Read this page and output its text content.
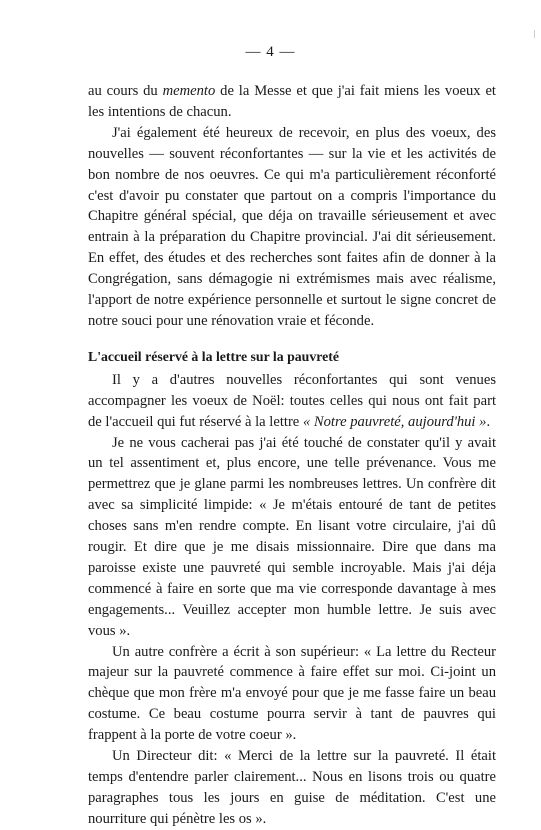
— 4 —

au cours du memento de la Messe et que j'ai fait miens les voeux et les intentions de chacun.

J'ai également été heureux de recevoir, en plus des voeux, des nouvelles — souvent réconfortantes — sur la vie et les activités de bon nombre de nos oeuvres. Ce qui m'a particulièrement réconforté c'est d'avoir pu constater que partout on a compris l'importance du Chapitre général spécial, que déja on travaille sérieusement et avec entrain à la préparation du Chapitre provincial. J'ai dit sérieusement. En effet, des études et des recherches sont faites afin de donner à la Congrégation, sans démagogie ni extrémismes mais avec réalisme, l'apport de notre expérience personnelle et surtout le signe concret de notre souci pour une rénovation vraie et féconde.

L'accueil réservé à la lettre sur la pauvreté

Il y a d'autres nouvelles réconfortantes qui sont venues accompagner les voeux de Noël: toutes celles qui nous ont fait part de l'accueil qui fut réservé à la lettre « Notre pauvreté, aujourd'hui ».

Je ne vous cacherai pas j'ai été touché de constater qu'il y avait un tel assentiment et, plus encore, une telle prévenance. Vous me permettrez que je glane parmi les nombreuses lettres. Un confrère dit avec sa simplicité limpide: « Je m'étais entouré de tant de petites choses sans m'en rendre compte. En lisant votre circulaire, j'ai dû rougir. Et dire que je me disais missionnaire. Dire que dans ma paroisse existe une pauvreté qui semble incroyable. Mais j'ai déja commencé à faire en sorte que ma vie corresponde davantage à mes engagements... Veuillez accepter mon humble lettre. Je suis avec vous ».

Un autre confrère a écrit à son supérieur: « La lettre du Recteur majeur sur la pauvreté commence à faire effet sur moi. Ci-joint un chèque que mon frère m'a envoyé pour que je me fasse faire un beau costume. Ce beau costume pourra servir à tant de pauvres qui frappent à la porte de votre coeur ».

Un Directeur dit: « Merci de la lettre sur la pauvreté. Il était temps d'entendre parler clairement... Nous en lisons trois ou quatre paragraphes tous les jours en guise de méditation. C'est une nourriture qui pénètre les os ».
